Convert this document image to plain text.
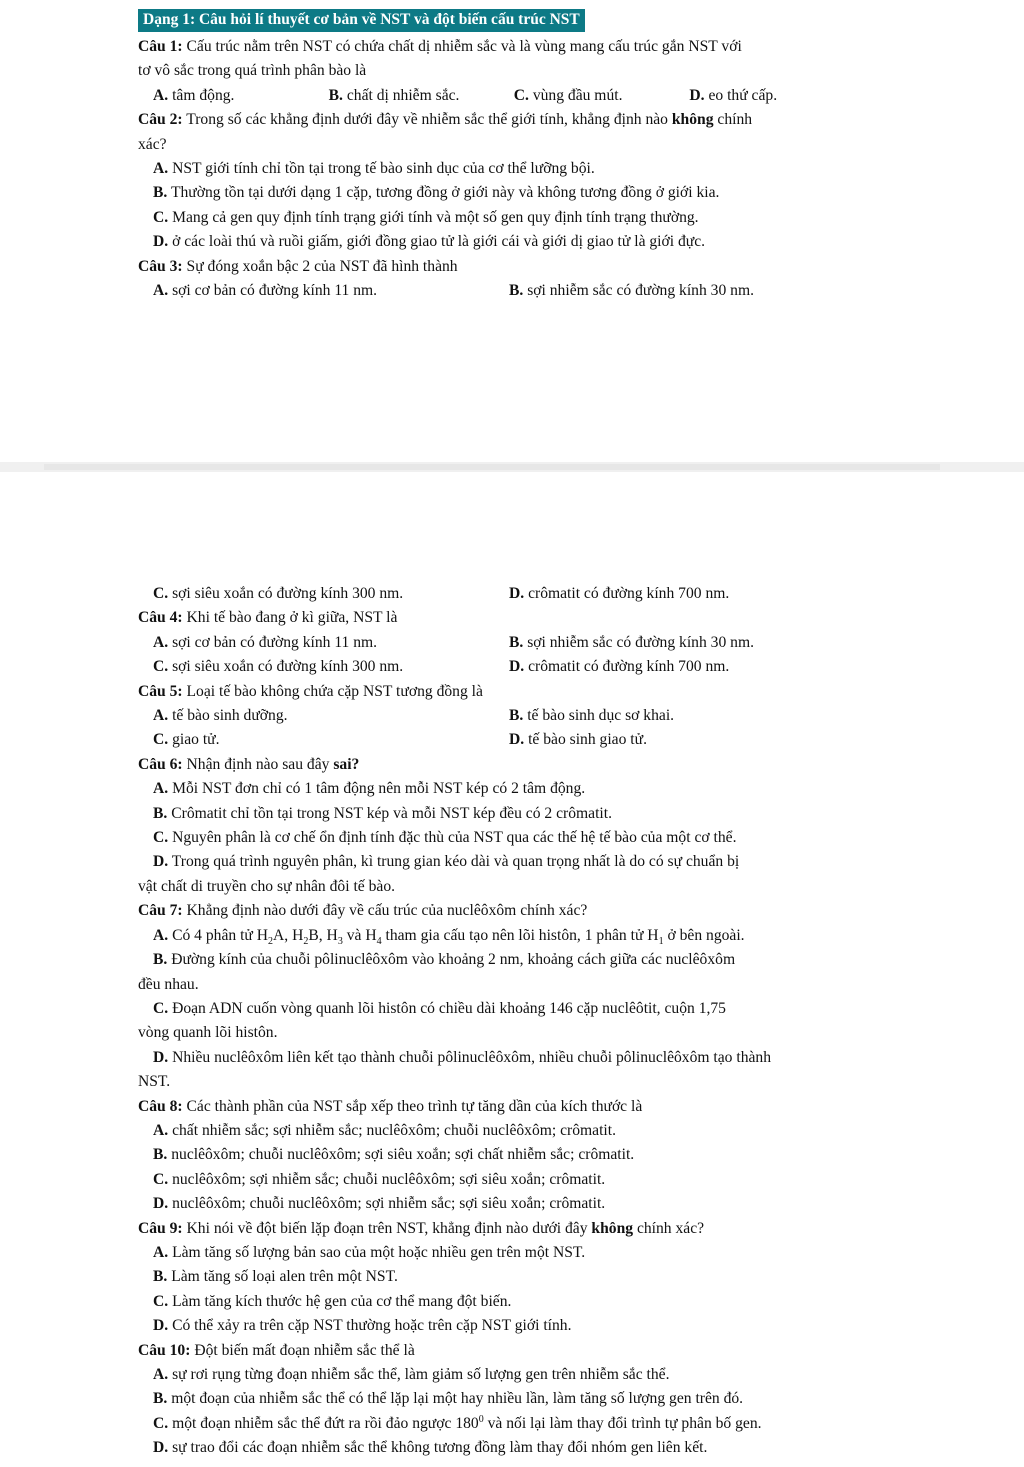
Dạng 1: Câu hỏi lí thuyết cơ bản về NST và đột biến cấu trúc NST

Câu 1: Cấu trúc nằm trên NST có chứa chất dị nhiễm sắc và là vùng mang cấu trúc gắn NST với

tơ vô sắc trong quá trình phân bào là

A. tâm động.	B. chất dị nhiễm sắc.	C. vùng đầu mút.	D. eo thứ cấp.

Câu 2: Trong số các khẳng định dưới đây về nhiễm sắc thể giới tính, khẳng định nào không chính

xác?

A. NST giới tính chỉ tồn tại trong tế bào sinh dục của cơ thể lưỡng bội.

B. Thường tồn tại dưới dạng 1 cặp, tương đồng ở giới này và không tương đồng ở giới kia.

C. Mang cả gen quy định tính trạng giới tính và một số gen quy định tính trạng thường.

D. ở các loài thú và ruồi giấm, giới đồng giao tử là giới cái và giới dị giao tử là giới đực.

Câu 3: Sự đóng xoắn bậc 2 của NST đã hình thành

A. sợi cơ bản có đường kính 11 nm.	B. sợi nhiễm sắc có đường kính 30 nm.
C. sợi siêu xoắn có đường kính 300 nm.	D. crômatit có đường kính 700 nm.

Câu 4: Khi tế bào đang ở kì giữa, NST là

A. sợi cơ bản có đường kính 11 nm.	B. sợi nhiễm sắc có đường kính 30 nm.
C. sợi siêu xoắn có đường kính 300 nm.	D. crômatit có đường kính 700 nm.

Câu 5: Loại tế bào không chứa cặp NST tương đồng là

A. tế bào sinh dưỡng.	B. tế bào sinh dục sơ khai.
C. giao tử.	D. tế bào sinh giao tử.

Câu 6: Nhận định nào sau đây sai?

A. Mỗi NST đơn chỉ có 1 tâm động nên mỗi NST kép có 2 tâm động.

B. Crômatit chỉ tồn tại trong NST kép và mỗi NST kép đều có 2 crômatit.

C. Nguyên phân là cơ chế ổn định tính đặc thù của NST qua các thế hệ tế bào của một cơ thể.

D. Trong quá trình nguyên phân, kì trung gian kéo dài và quan trọng nhất là do có sự chuẩn bị

vật chất di truyền cho sự nhân đôi tế bào.

Câu 7: Khẳng định nào dưới đây về cấu trúc của nuclêôxôm chính xác?

A. Có 4 phân tử $H_2A$, $H_2B$, $H_3$ và $H_4$ tham gia cấu tạo nên lõi histôn, 1 phân tử $H_1$ ở bên ngoài.

B. Đường kính của chuỗi pôlinuclêôxôm vào khoảng 2 nm, khoảng cách giữa các nuclêôxôm

đều nhau.

C. Đoạn ADN cuốn vòng quanh lõi histôn có chiều dài khoảng 146 cặp nuclêôtit, cuộn 1,75

vòng quanh lõi histôn.

D. Nhiều nuclêôxôm liên kết tạo thành chuỗi pôlinuclêôxôm, nhiều chuỗi pôlinuclêôxôm tạo thành

NST.

Câu 8: Các thành phần của NST sắp xếp theo trình tự tăng dần của kích thước là

A. chất nhiễm sắc; sợi nhiễm sắc; nuclêôxôm; chuỗi nuclêôxôm; crômatit.

B. nuclêôxôm; chuỗi nuclêôxôm; sợi siêu xoắn; sợi chất nhiễm sắc; crômatit.

C. nuclêôxôm; sợi nhiễm sắc; chuỗi nuclêôxôm; sợi siêu xoắn; crômatit.

D. nuclêôxôm; chuỗi nuclêôxôm; sợi nhiễm sắc; sợi siêu xoắn; crômatit.

Câu 9: Khi nói về đột biến lặp đoạn trên NST, khẳng định nào dưới đây không chính xác?

A. Làm tăng số lượng bản sao của một hoặc nhiều gen trên một NST.

B. Làm tăng số loại alen trên một NST.

C. Làm tăng kích thước hệ gen của cơ thể mang đột biến.

D. Có thể xảy ra trên cặp NST thường hoặc trên cặp NST giới tính.

Câu 10: Đột biến mất đoạn nhiễm sắc thể là

A. sự rơi rụng từng đoạn nhiễm sắc thể, làm giảm số lượng gen trên nhiễm sắc thể.

B. một đoạn của nhiễm sắc thể có thể lặp lại một hay nhiều lần, làm tăng số lượng gen trên đó.

C. một đoạn nhiễm sắc thể đứt ra rồi đảo ngược $180^0$ và nối lại làm thay đổi trình tự phân bố gen.

D. sự trao đổi các đoạn nhiễm sắc thể không tương đồng làm thay đổi nhóm gen liên kết.
